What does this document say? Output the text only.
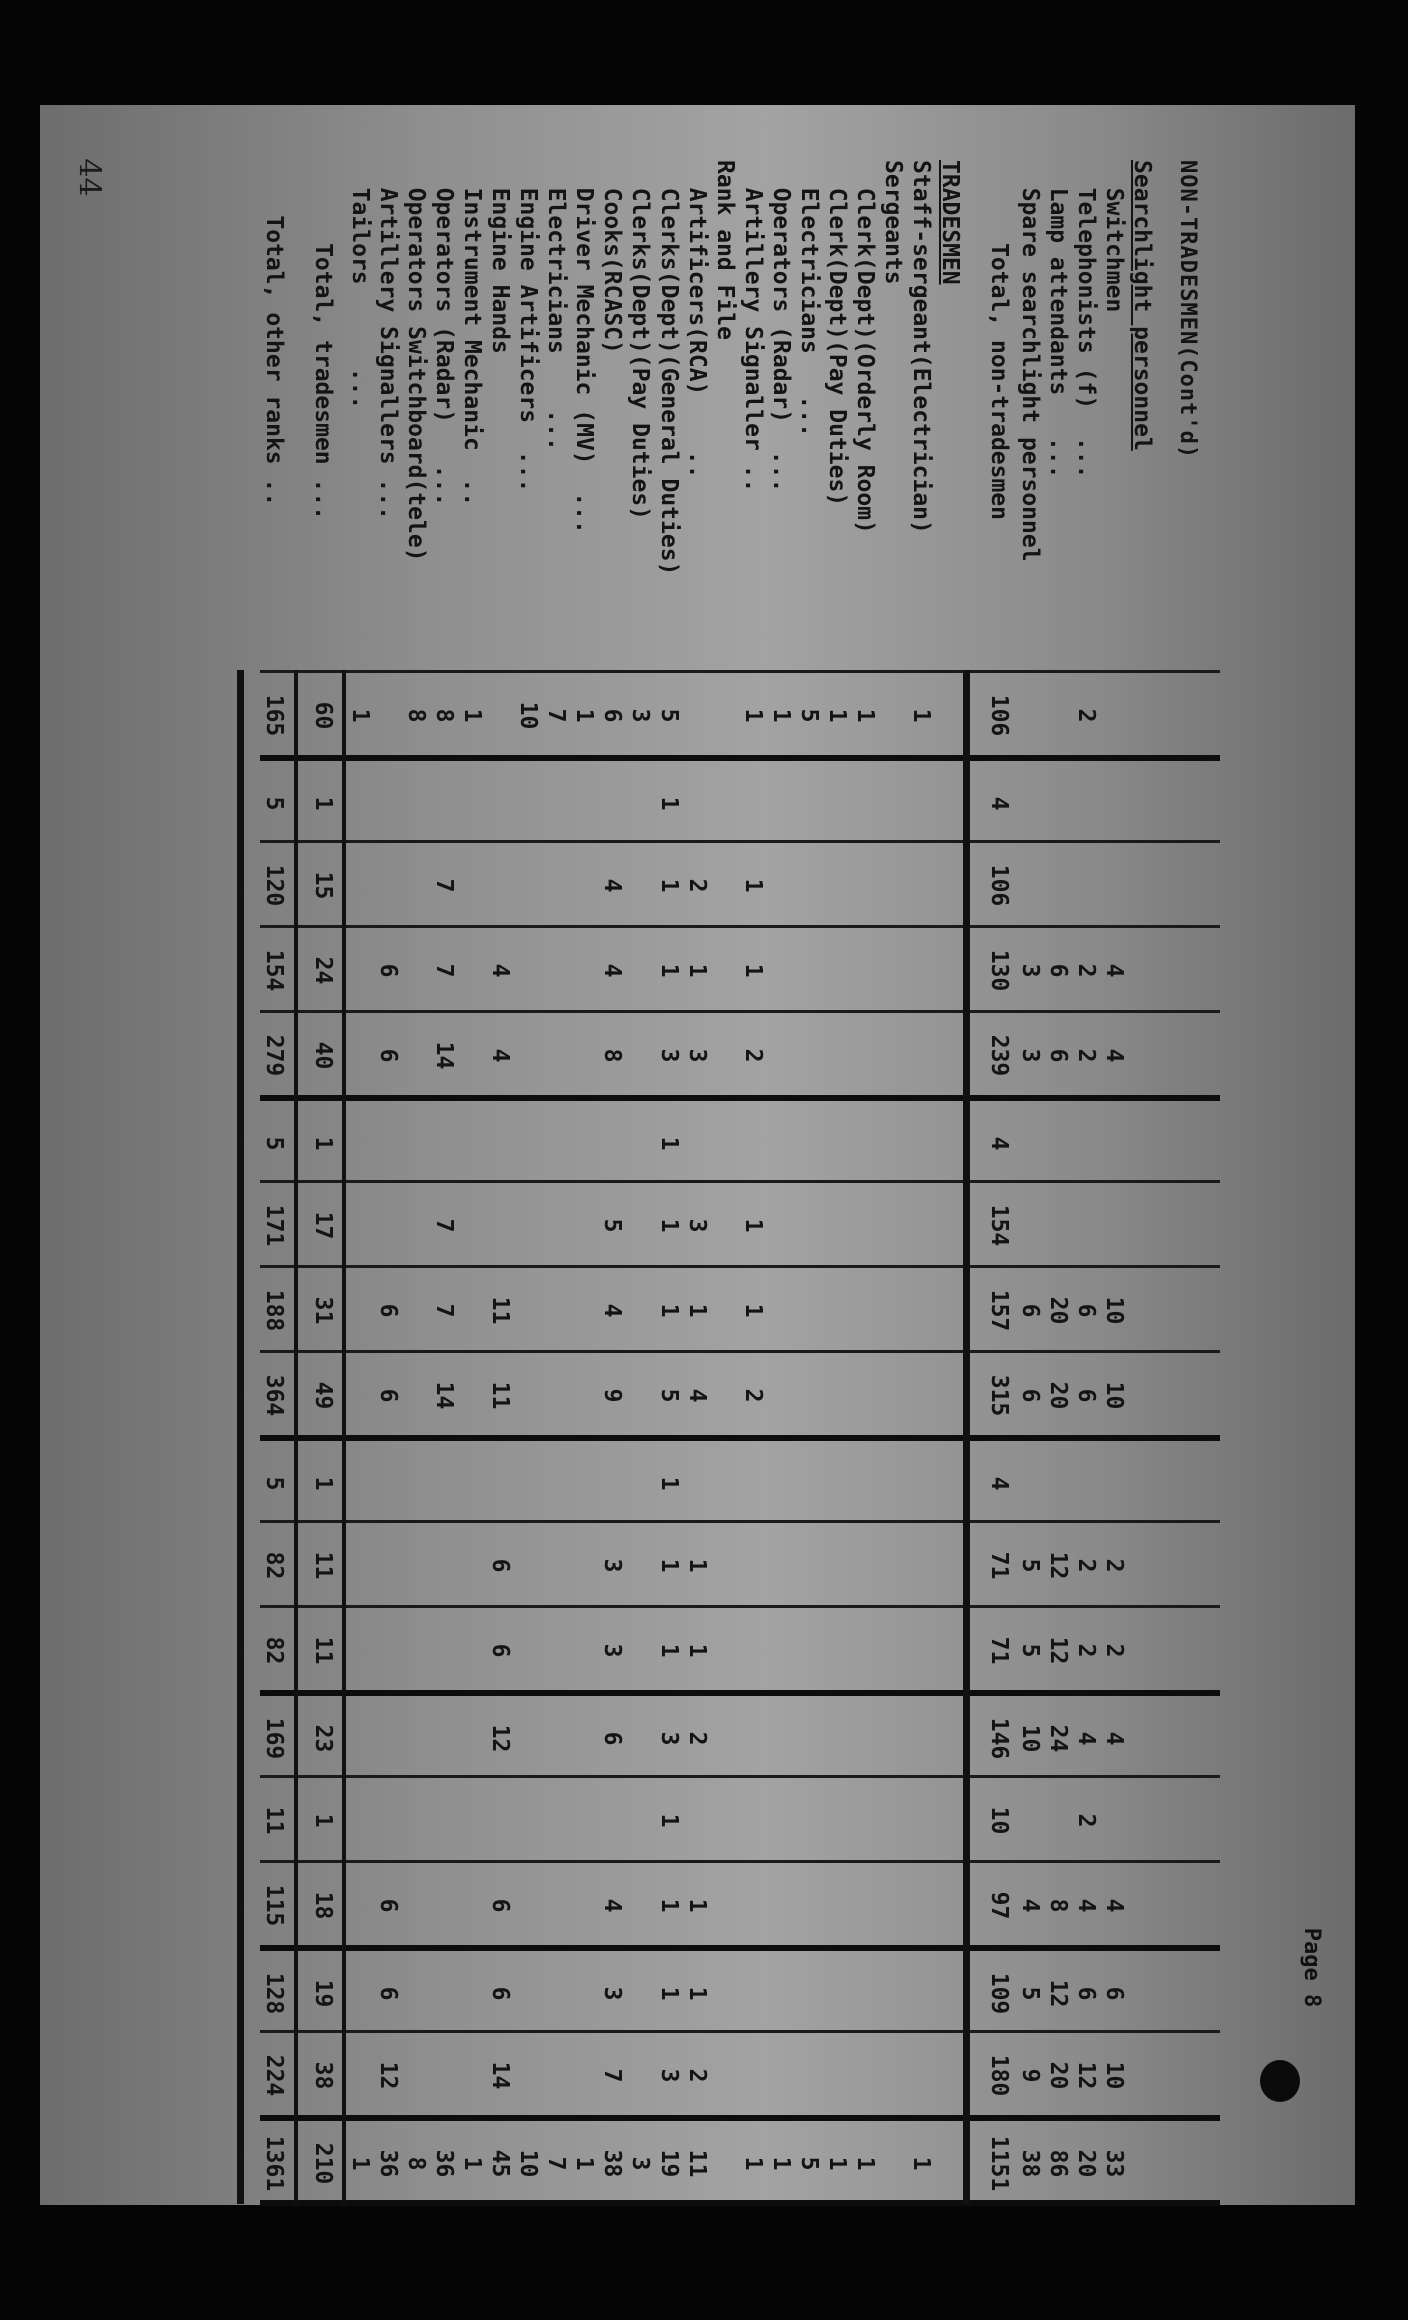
44
Page 8
NON-TRADESMEN(Cont'd)
Searchlight personnel
Switchmen
Telephonists (f)  ...
Lamp attendants   ...
Spare searchlight personnel
Total, non-tradesmen
TRADESMEN
Staff-sergeant(Electrician)
Sergeants
Clerk(Dept)(Orderly Room)
Clerk(Dept)(Pay Duties)
Electricians   ...
Operators (Radar)  ...
Artillery Signaller ..
Rank and File
Artificers(RCA)    ..
Clerks(Dept)(General Duties)
Clerks(Dept)(Pay Duties)
Cooks(RCASC)
Driver Mechanic (MV)  ...
Electricians    ...
Engine Artificers  ...
Engine Hands
Instrument Mechanic  ..
Operators (Radar)   ...
Operators Switchboard(tele)
Artillery Signallers ...
Tailors      ...
Total, tradesmen ...
Total, other ranks ..
2
106
1
1
1
5
1
1
5
3
6
1
7
10
1
8
8
1
60
165
4
1
1
5
106
1
2
1
4
7
15
120
4
2
6
3
130
1
1
1
4
4
7
6
24
154
4
2
6
3
239
2
3
3
8
4
14
6
40
279
4
1
1
5
154
1
3
1
5
7
17
171
10
6
20
6
157
1
1
1
4
11
7
6
31
188
10
6
20
6
315
2
4
5
9
11
14
6
49
364
4
1
1
5
2
2
12
5
71
1
1
3
6
11
82
2
2
12
5
71
1
1
3
6
11
82
4
4
24
10
146
2
3
6
12
23
169
2
10
1
1
11
4
4
8
4
97
1
1
4
6
6
18
115
6
6
12
5
109
1
1
3
6
6
19
128
10
12
20
9
180
2
3
7
14
12
38
224
33
20
86
38
1151
1
1
1
5
1
1
11
19
3
38
1
7
10
45
1
36
8
36
1
210
1361
